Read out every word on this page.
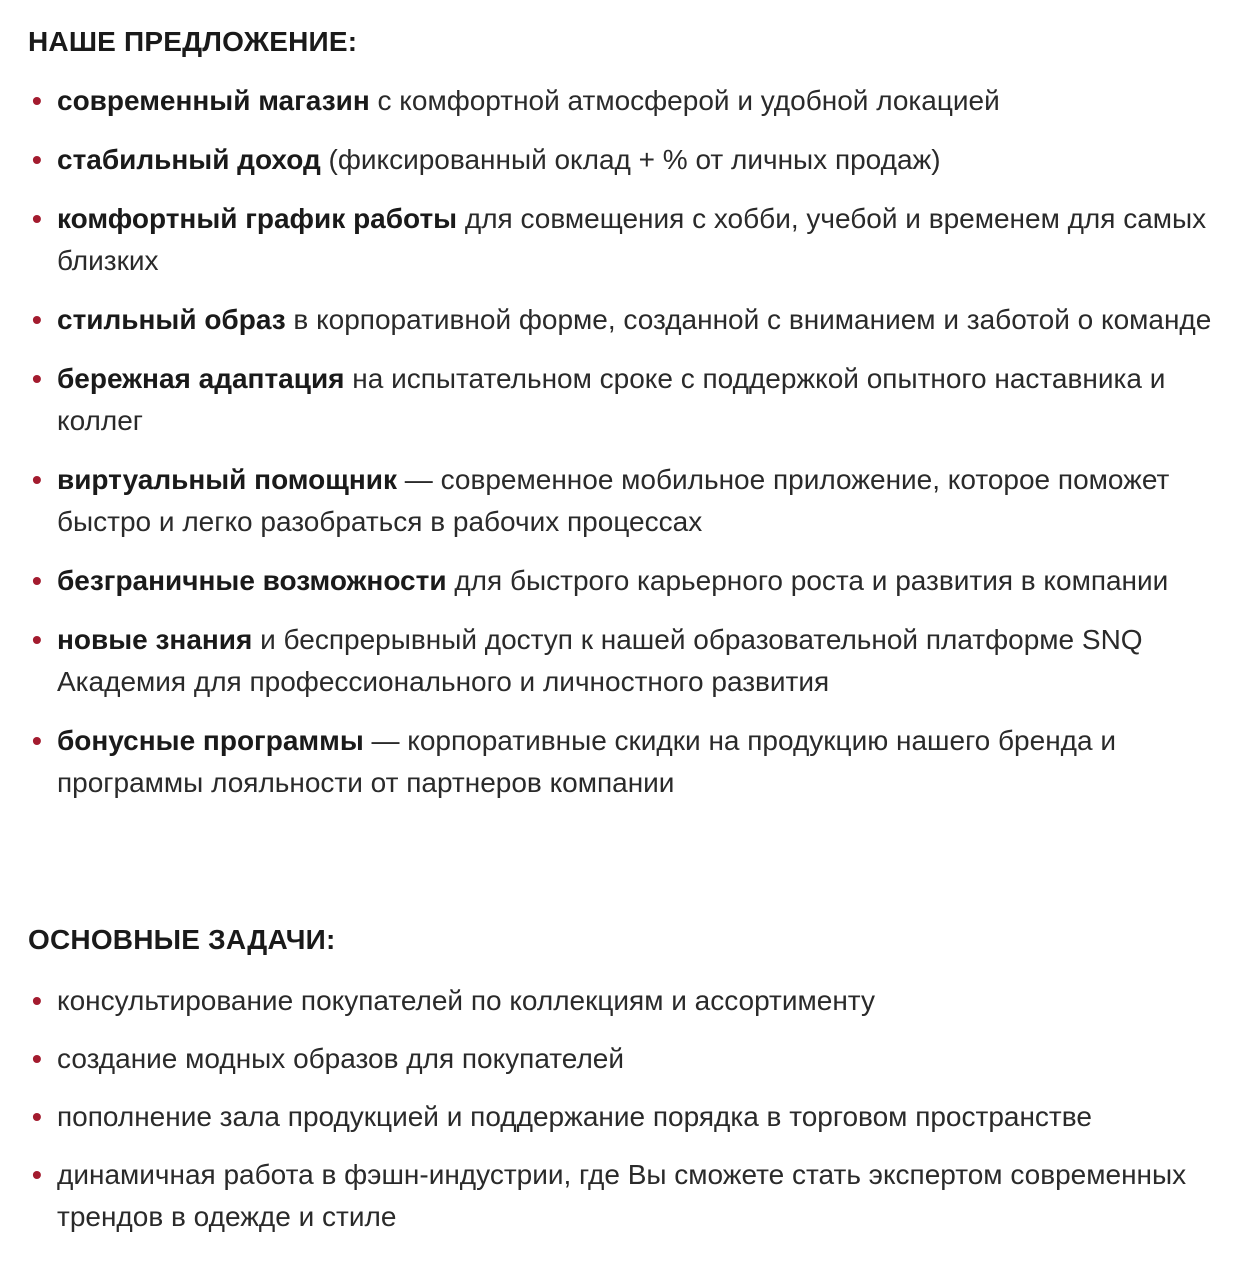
НАШЕ ПРЕДЛОЖЕНИЕ:
• современный магазин с комфортной атмосферой и удобной локацией
• стабильный доход (фиксированный оклад + % от личных продаж)
• комфортный график работы для совмещения с хобби, учебой и временем для самых близких
• стильный образ в корпоративной форме, созданной с вниманием и заботой о команде
• бережная адаптация на испытательном сроке с поддержкой опытного наставника и коллег
• виртуальный помощник — современное мобильное приложение, которое поможет быстро и легко разобраться в рабочих процессах
• безграничные возможности для быстрого карьерного роста и развития в компании
• новые знания и беспрерывный доступ к нашей образовательной платформе SNQ Академия для профессионального и личностного развития
• бонусные программы — корпоративные скидки на продукцию нашего бренда и программы лояльности от партнеров компании
ОСНОВНЫЕ ЗАДАЧИ:
• консультирование покупателей по коллекциям и ассортименту
• создание модных образов для покупателей
• пополнение зала продукцией и поддержание порядка в торговом пространстве
• динамичная работа в фэшн-индустрии, где Вы сможете стать экспертом современных трендов в одежде и стиле
